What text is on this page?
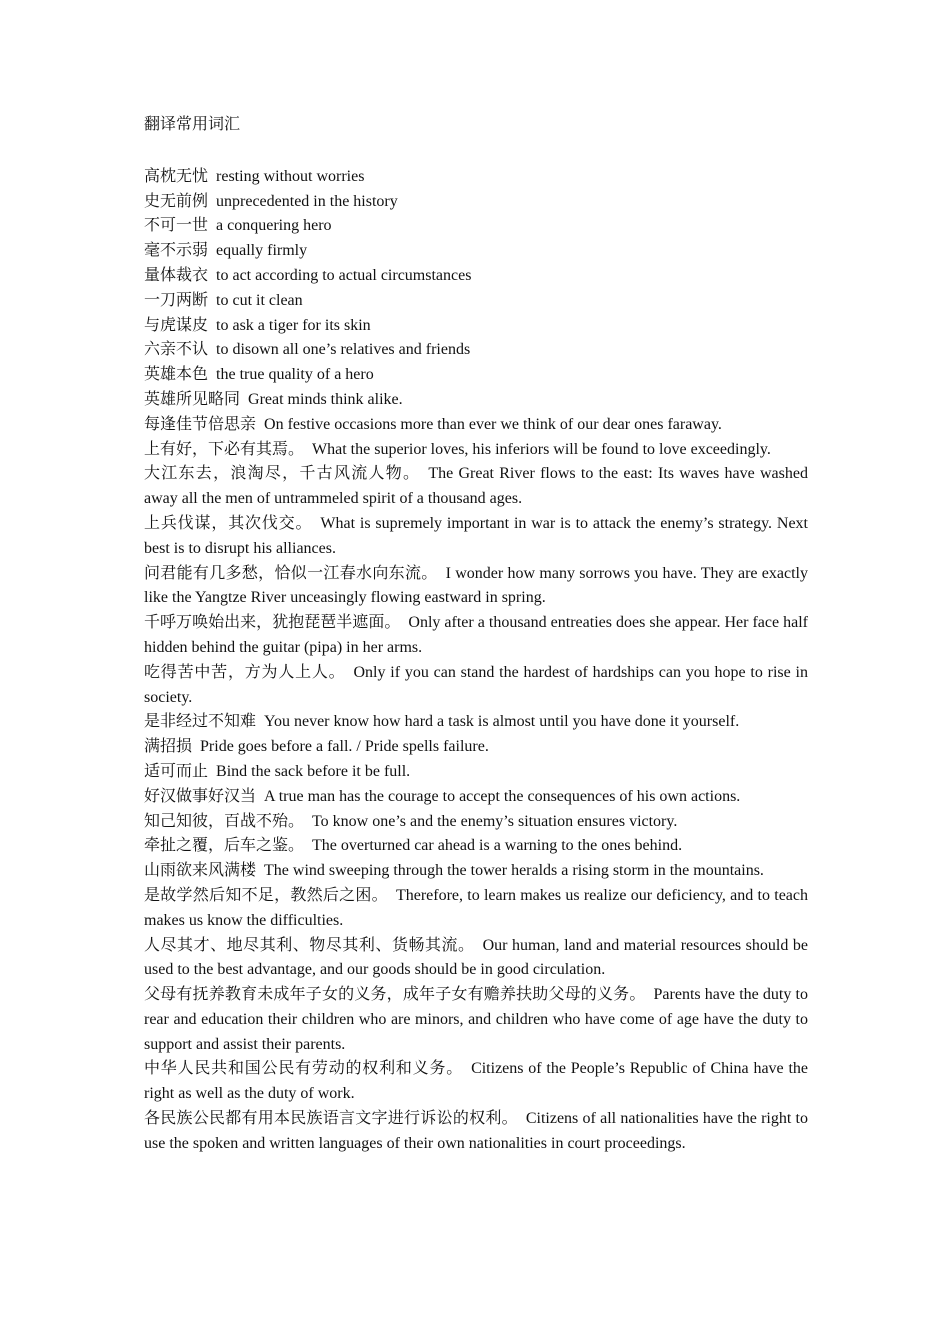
翻译常用词汇

高枕无忧 resting without worries

史无前例 unprecedented in the history

不可一世 a conquering hero

毫不示弱 equally firmly

量体裁衣 to act according to actual circumstances

一刀两断 to cut it clean

与虎谋皮 to ask a tiger for its skin

六亲不认 to disown all one’s relatives and friends

英雄本色 the true quality of a hero

英雄所见略同 Great minds think alike.

每逢佳节倍思亲 On festive occasions more than ever we think of our dear ones faraway.

上有好，下必有其焉。 What the superior loves, his inferiors will be found to love exceedingly.

大江东去，浪淘尽，千古风流人物。 The Great River flows to the east: Its waves have washed away all the men of untrammeled spirit of a thousand ages.

上兵伐谋，其次伐交。 What is supremely important in war is to attack the enemy’s strategy. Next best is to disrupt his alliances.

问君能有几多愁，恰似一江春水向东流。 I wonder how many sorrows you have. They are exactly like the Yangtze River unceasingly flowing eastward in spring.

千呼万唤始出来，犹抱琵琶半遮面。 Only after a thousand entreaties does she appear. Her face half hidden behind the guitar (pipa) in her arms.

吃得苦中苦，方为人上人。 Only if you can stand the hardest of hardships can you hope to rise in society.

是非经过不知难 You never know how hard a task is almost until you have done it yourself.

满招损 Pride goes before a fall. / Pride spells failure.

适可而止 Bind the sack before it be full.

好汉做事好汉当 A true man has the courage to accept the consequences of his own actions.

知己知彼，百战不殆。 To know one’s and the enemy’s situation ensures victory.

牵扯之覆，后车之鉴。 The overturned car ahead is a warning to the ones behind.

山雨欲来风满楼 The wind sweeping through the tower heralds a rising storm in the mountains.

是故学然后知不足，教然后之困。 Therefore, to learn makes us realize our deficiency, and to teach makes us know the difficulties.

人尽其才、地尽其利、物尽其利、货畅其流。 Our human, land and material resources should be used to the best advantage, and our goods should be in good circulation.

父母有抚养教育未成年子女的义务，成年子女有赡养扶助父母的义务。 Parents have the duty to rear and education their children who are minors, and children who have come of age have the duty to support and assist their parents.

中华人民共和国公民有劳动的权利和义务。 Citizens of the People’s Republic of China have the right as well as the duty of work.

各民族公民都有用本民族语言文字进行诉讼的权利。 Citizens of all nationalities have the right to use the spoken and written languages of their own nationalities in court proceedings.
